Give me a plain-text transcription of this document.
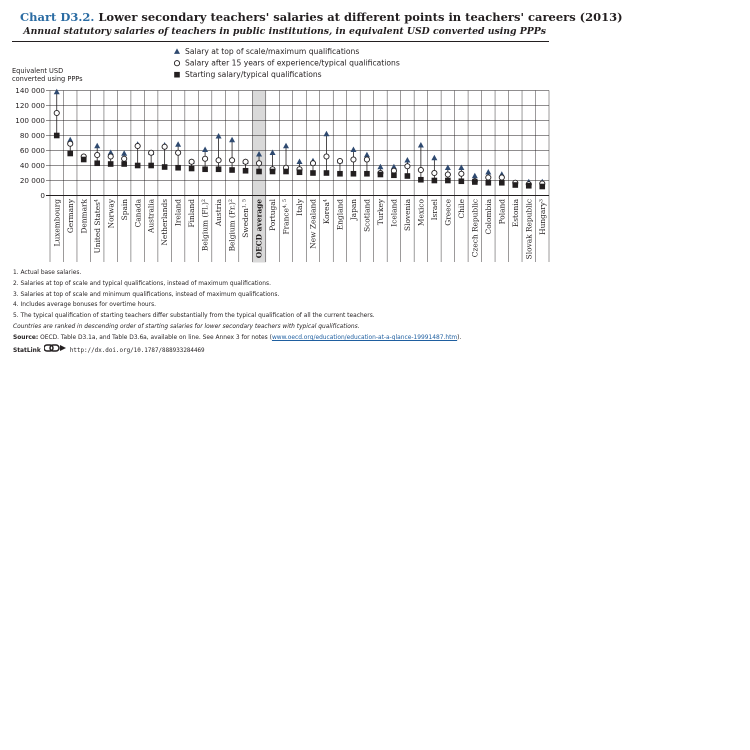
Chart D3.2. Lower secondary teachers' salaries at different points in teachers' careers (2013)
Annual statutory salaries of teachers in public institutions, in equivalent USD converted using PPPs
0
20 000
40 000
60 000
80 000
100 000
120 000
140 000
Equivalent USD converted using PPPs
Salary at top of scale/maximum qualifications
Salary after 15 years of experience/typical qualifications
Starting salary/typical qualifications
Luxembourg Germany Denmark United States$^4$ Norway Spain Canada Australia Netherlands Ireland Finland Belgium $(Fl.)^2$ Austria Belgium $(Fr.)^2$
Sweden$^{1, 5}$ OECD average Portugal France$^{4, 5}$ Italy New Zealand Korea$^4$ England Japan Scotland Turkey Iceland Slovenia Mexico Israel Greece Chile Czech Republic Colombia Poland Estonia Slovak Republic Hungary$^3$
1. Actual base salaries.
2. Salaries at top of scale and typical qualifications, instead of maximum qualifications.
3. Salaries at top of scale and minimum qualifications, instead of maximum qualifications.
4. Includes average bonuses for overtime hours.
5. The typical qualification of starting teachers differ substantially from the typical qualification of all the current teachers.
Countries are ranked in descending order of starting salaries for lower secondary teachers with typical qualifications.
Source: OECD. Table D3.1a, and Table D3.6a, available on line. See Annex 3 for notes (www.oecd.org/education/education-at-a-glance-19991487.htm).
StatLink	http://dx.doi.org/10.1787/888933284469
